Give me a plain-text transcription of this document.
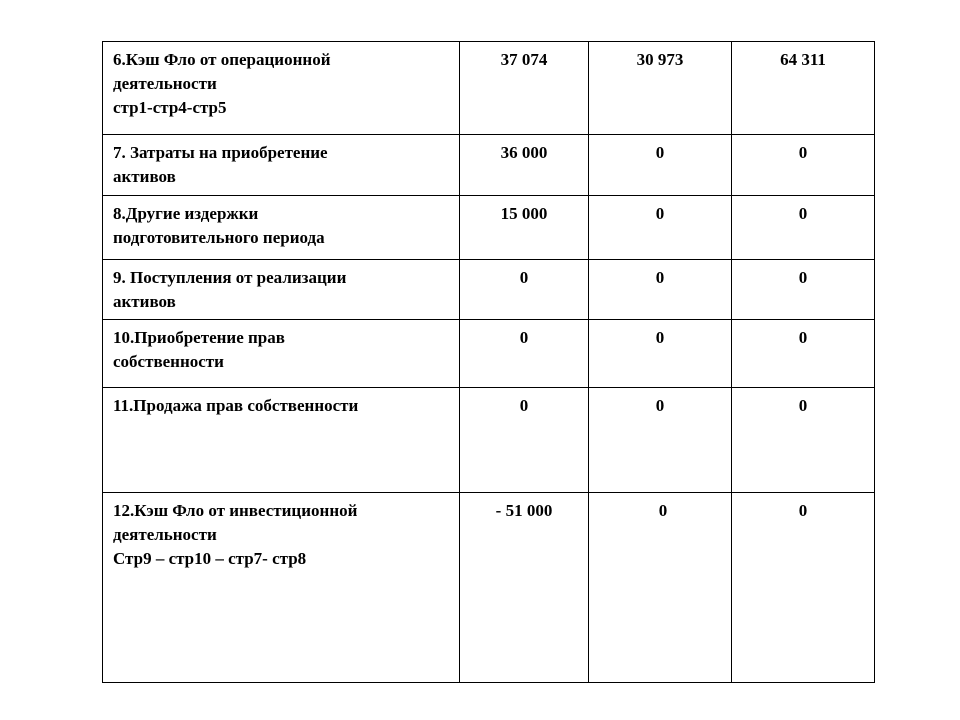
6.Кэш Фло от операционной
деятельности
стр1-стр4-стр5	37 074	30 973	64 311

7. Затраты на приобретение
активов	36 000	0	0

8.Другие издержки
подготовительного периода	15 000	0	0

9. Поступления от реализации
активов	0	0	0

10.Приобретение прав
собственности	0	0	0

11.Продажа прав собственности	0	0	0

12.Кэш Фло от инвестиционной
деятельности
Стр9 – стр10 – стр7- стр8	- 51 000	0	0
